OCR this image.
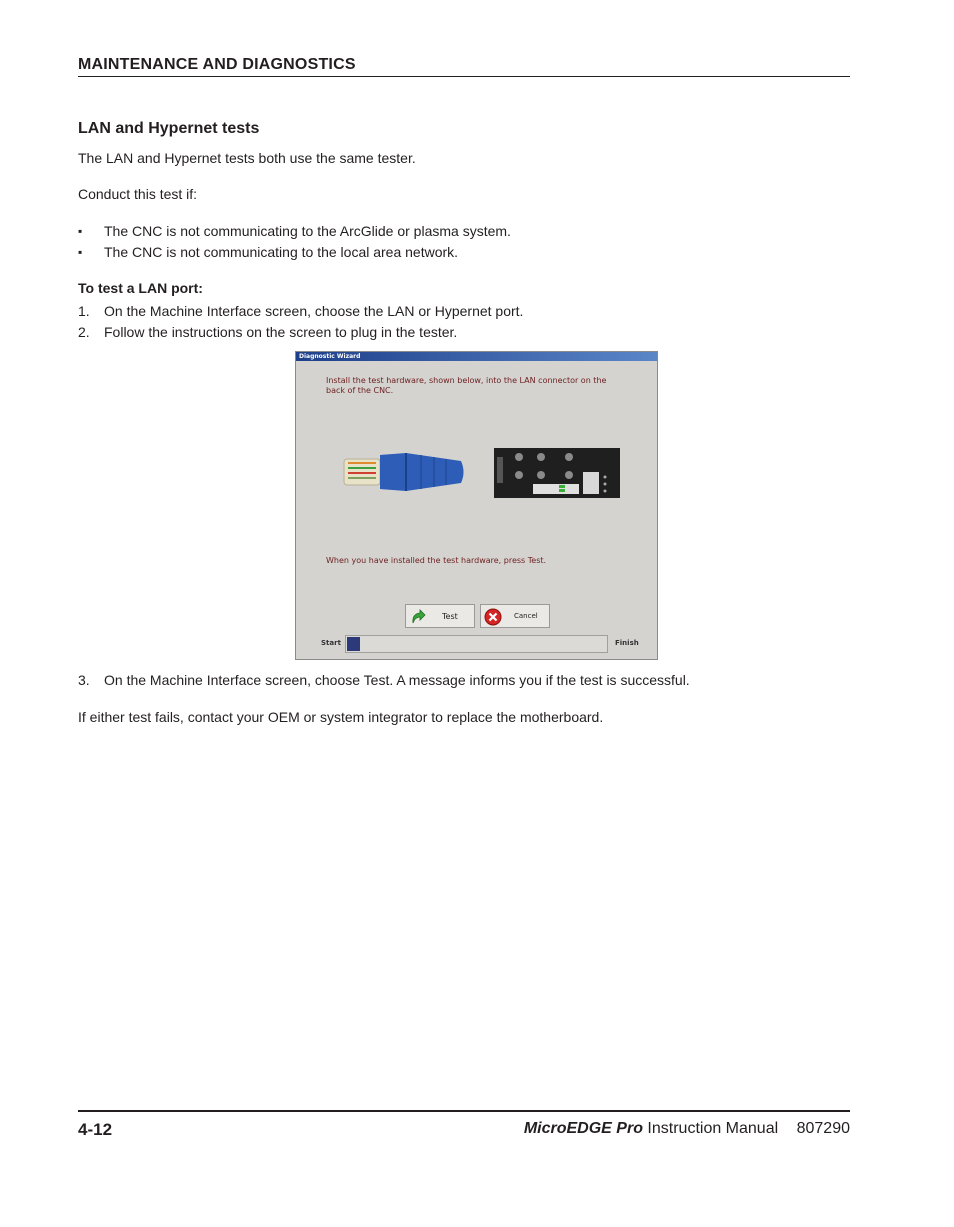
MAINTENANCE AND DIAGNOSTICS
LAN and Hypernet tests
The LAN and Hypernet tests both use the same tester.
Conduct this test if:
▪ The CNC is not communicating to the ArcGlide or plasma system.
▪ The CNC is not communicating to the local area network.
To test a LAN port:
1. On the Machine Interface screen, choose the LAN or Hypernet port.
2. Follow the instructions on the screen to plug in the tester.
Diagnostic Wizard
Install the test hardware, shown below, into the LAN connector on the back of the CNC.
When you have installed the test hardware, press Test.
Test	Cancel
Start	Finish
3. On the Machine Interface screen, choose Test. A message informs you if the test is successful.
If either test fails, contact your OEM or system integrator to replace the motherboard.
4-12	MicroEDGE Pro Instruction Manual 807290
